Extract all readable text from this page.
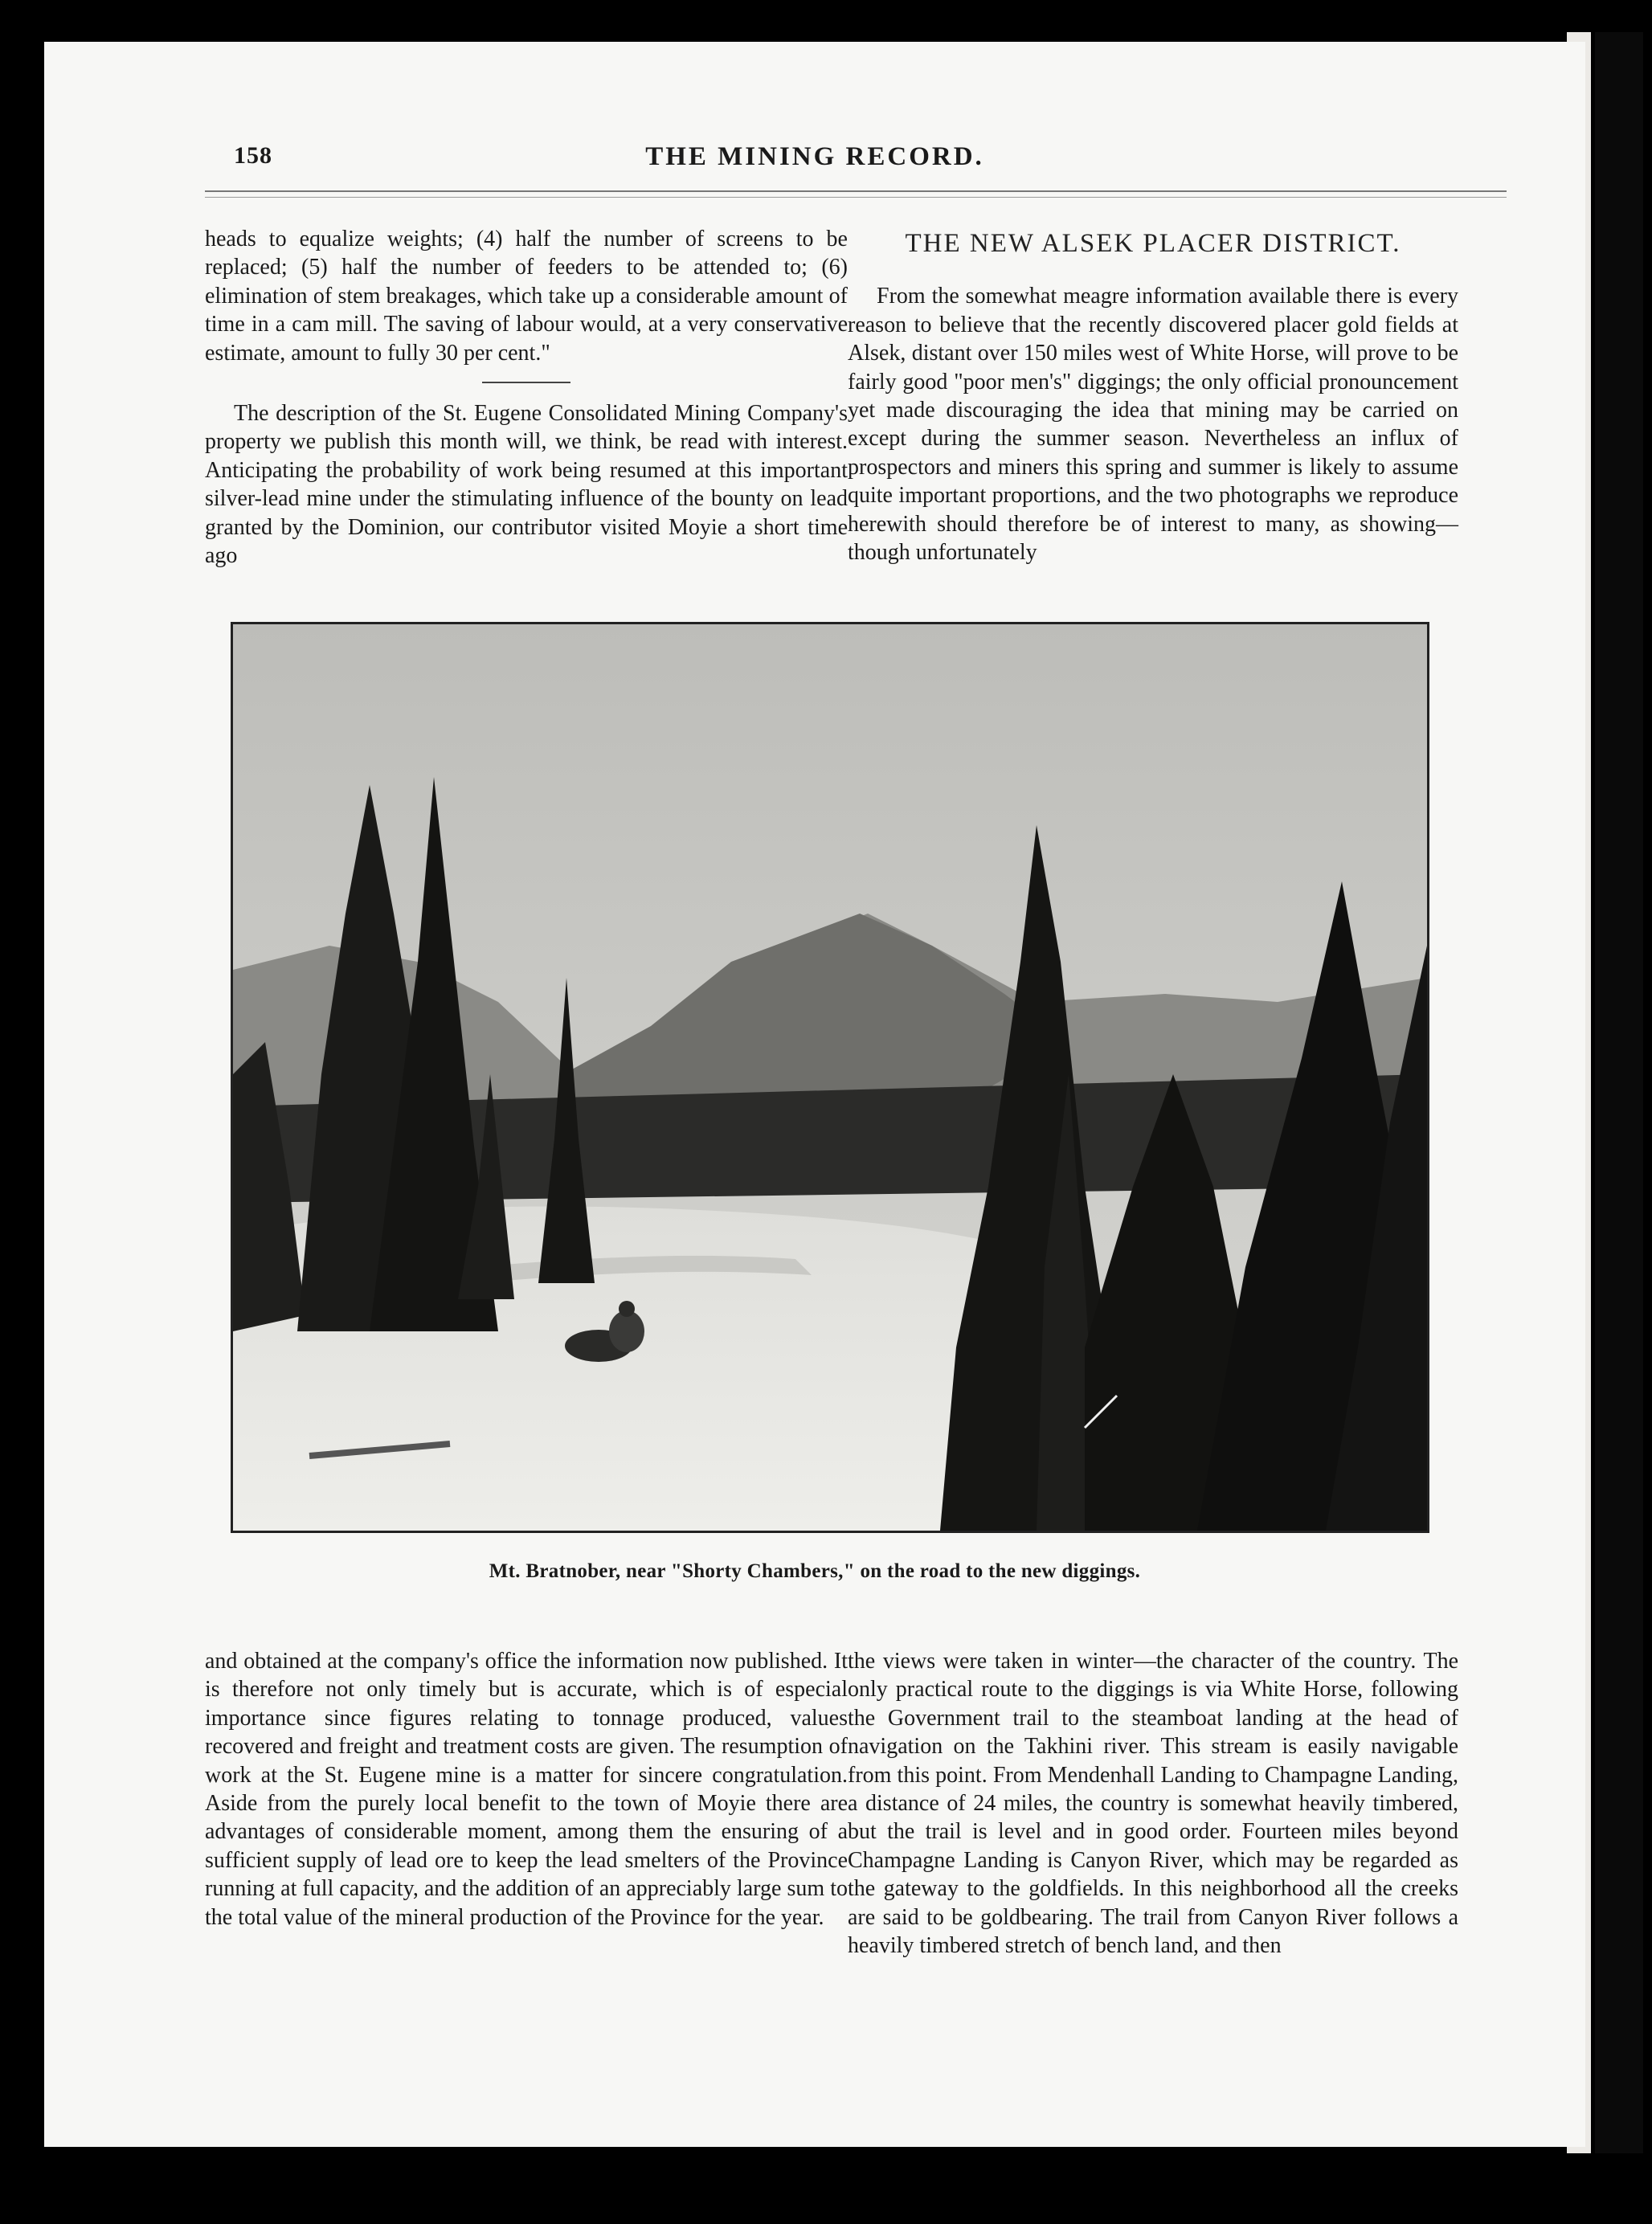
158	THE MINING RECORD.

heads to equalize weights; (4) half the number of screens to be replaced; (5) half the number of feeders to be attended to; (6) elimination of stem breakages, which take up a considerable amount of time in a cam mill. The saving of labour would, at a very conservative estimate, amount to fully 30 per cent."

The description of the St. Eugene Consolidated Mining Company's property we publish this month will, we think, be read with interest. Anticipating the probability of work being resumed at this important silver-lead mine under the stimulating influence of the bounty on lead granted by the Dominion, our contributor visited Moyie a short time ago

THE NEW ALSEK PLACER DISTRICT.

From the somewhat meagre information available there is every reason to believe that the recently discovered placer gold fields at Alsek, distant over 150 miles west of White Horse, will prove to be fairly good "poor men's" diggings; the only official pronouncement yet made discouraging the idea that mining may be carried on except during the summer season. Nevertheless an influx of prospectors and miners this spring and summer is likely to assume quite important proportions, and the two photographs we reproduce herewith should therefore be of interest to many, as showing—though unfortunately

Mt. Bratnober, near "Shorty Chambers," on the road to the new diggings.

and obtained at the company's office the information now published. It is therefore not only timely but is accurate, which is of especial importance since figures relating to tonnage produced, values recovered and freight and treatment costs are given. The resumption of work at the St. Eugene mine is a matter for sincere congratulation. Aside from the purely local benefit to the town of Moyie there are advantages of considerable moment, among them the ensuring of a sufficient supply of lead ore to keep the lead smelters of the Province running at full capacity, and the addition of an appreciably large sum to the total value of the mineral production of the Province for the year.

the views were taken in winter—the character of the country. The only practical route to the diggings is via White Horse, following the Government trail to the steamboat landing at the head of navigation on the Takhini river. This stream is easily navigable from this point. From Mendenhall Landing to Champagne Landing, a distance of 24 miles, the country is somewhat heavily timbered, but the trail is level and in good order. Fourteen miles beyond Champagne Landing is Canyon River, which may be regarded as the gateway to the goldfields. In this neighborhood all the creeks are said to be goldbearing. The trail from Canyon River follows a heavily timbered stretch of bench land, and then
